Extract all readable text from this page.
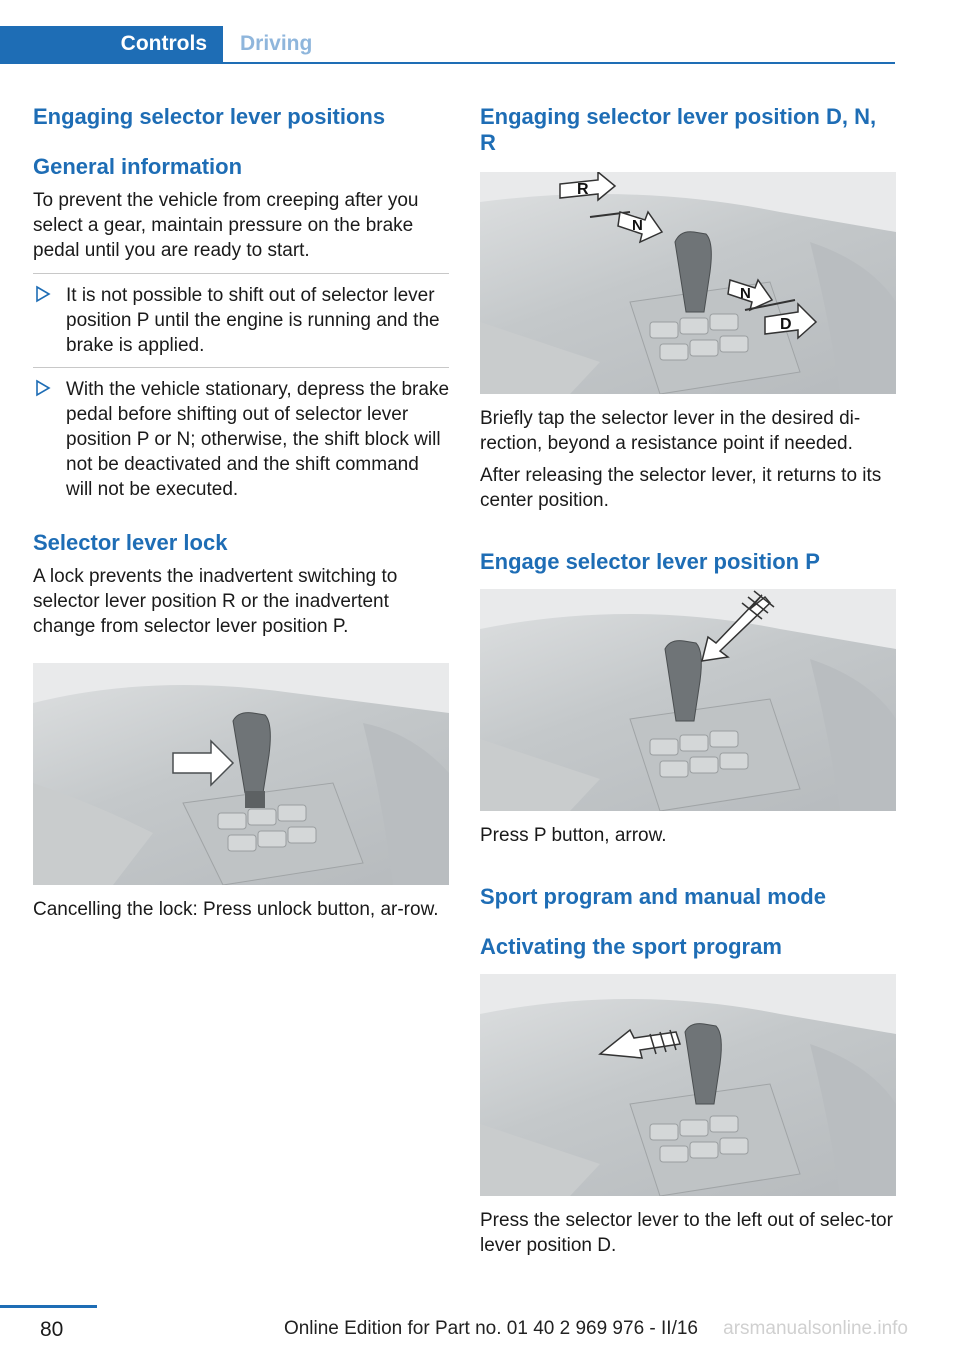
Controls	Driving
Engaging selector lever positions
General information

To prevent the vehicle from creeping after you select a gear, maintain pressure on the brake pedal until you are ready to start.

It is not possible to shift out of selector lever position P until the engine is running and the brake is applied.
With the vehicle stationary, depress the brake pedal before shifting out of selector lever position P or N; otherwise, the shift block will not be deactivated and the shift command will not be executed.
Selector lever lock

A lock prevents the inadvertent switching to selector lever position R or the inadvertent change from selector lever position P.

Cancelling the lock: Press unlock button, ar-row.

Engaging selector lever position D, N, R
R
N
N
D

Briefly tap the selector lever in the desired di-rection, beyond a resistance point if needed.

After releasing the selector lever, it returns to its center position.

Engage selector lever position P

Press P button, arrow.

Sport program and manual mode
Activating the sport program

Press the selector lever to the left out of selec-tor lever position D.

80	Online Edition for Part no. 01 40 2 969 976 - II/16 arsmanualsonline.info
